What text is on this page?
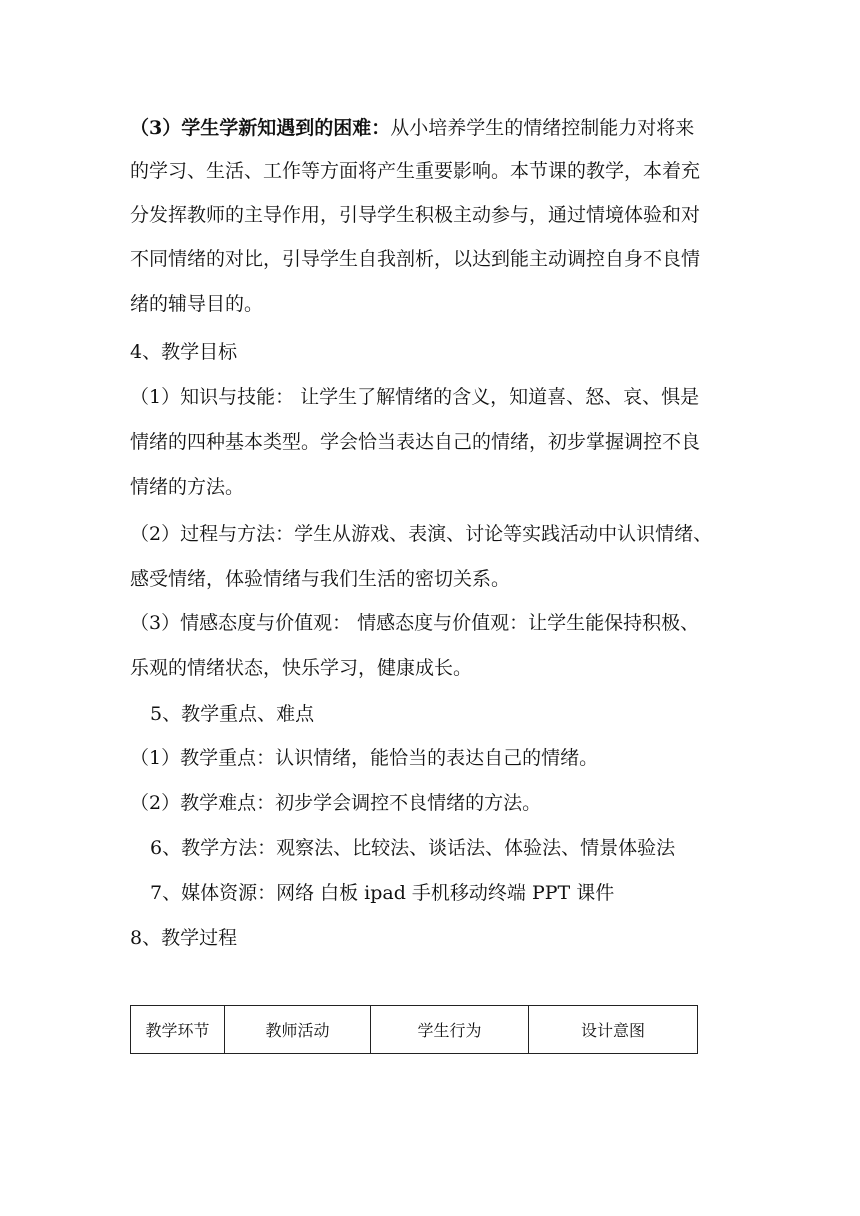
（3）学生学新知遇到的困难：从小培养学生的情绪控制能力对将来
的学习、生活、工作等方面将产生重要影响。本节课的教学，本着充
分发挥教师的主导作用，引导学生积极主动参与，通过情境体验和对
不同情绪的对比，引导学生自我剖析，以达到能主动调控自身不良情
绪的辅导目的。
4、教学目标
（1）知识与技能： 让学生了解情绪的含义，知道喜、怒、哀、惧是
情绪的四种基本类型。学会恰当表达自己的情绪，初步掌握调控不良
情绪的方法。
（2）过程与方法：学生从游戏、表演、讨论等实践活动中认识情绪、
感受情绪，体验情绪与我们生活的密切关系。
（3）情感态度与价值观： 情感态度与价值观：让学生能保持积极、
乐观的情绪状态，快乐学习，健康成长。
5、教学重点、难点
（1）教学重点：认识情绪，能恰当的表达自己的情绪。
（2）教学难点：初步学会调控不良情绪的方法。
6、教学方法：观察法、比较法、谈话法、体验法、情景体验法
7、媒体资源：网络 白板 ipad 手机移动终端 PPT 课件
8、教学过程
教学环节	教师活动	学生行为	设计意图
